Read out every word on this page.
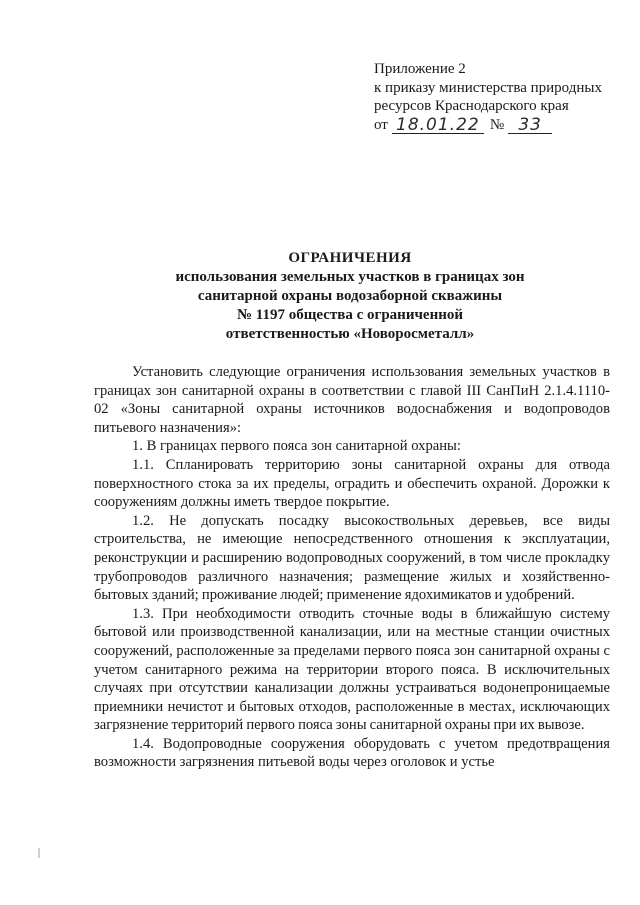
Приложение 2
к приказу министерства природных
ресурсов Краснодарского края
от 18.01.22 № 33
ОГРАНИЧЕНИЯ
использования земельных участков в границах зон
санитарной охраны водозаборной скважины
№ 1197 общества с ограниченной
ответственностью «Новоросметалл»

Установить следующие ограничения использования земельных участков в границах зон санитарной охраны в соответствии с главой III СанПиН 2.1.4.1110-02 «Зоны санитарной охраны источников водоснабжения и водопроводов питьевого назначения»:

1. В границах первого пояса зон санитарной охраны:

1.1. Спланировать территорию зоны санитарной охраны для отвода поверхностного стока за их пределы, оградить и обеспечить охраной. Дорожки к сооружениям должны иметь твердое покрытие.

1.2. Не допускать посадку высокоствольных деревьев, все виды строительства, не имеющие непосредственного отношения к эксплуатации, реконструкции и расширению водопроводных сооружений, в том числе прокладку трубопроводов различного назначения; размещение жилых и хозяйственно-бытовых зданий; проживание людей; применение ядохимикатов и удобрений.

1.3. При необходимости отводить сточные воды в ближайшую систему бытовой или производственной канализации, или на местные станции очистных сооружений, расположенные за пределами первого пояса зон санитарной охраны с учетом санитарного режима на территории второго пояса. В исключительных случаях при отсутствии канализации должны устраиваться водонепроницаемые приемники нечистот и бытовых отходов, расположенные в местах, исключающих загрязнение территорий первого пояса зоны санитарной охраны при их вывозе.

1.4. Водопроводные сооружения оборудовать с учетом предотвращения возможности загрязнения питьевой воды через оголовок и устье
